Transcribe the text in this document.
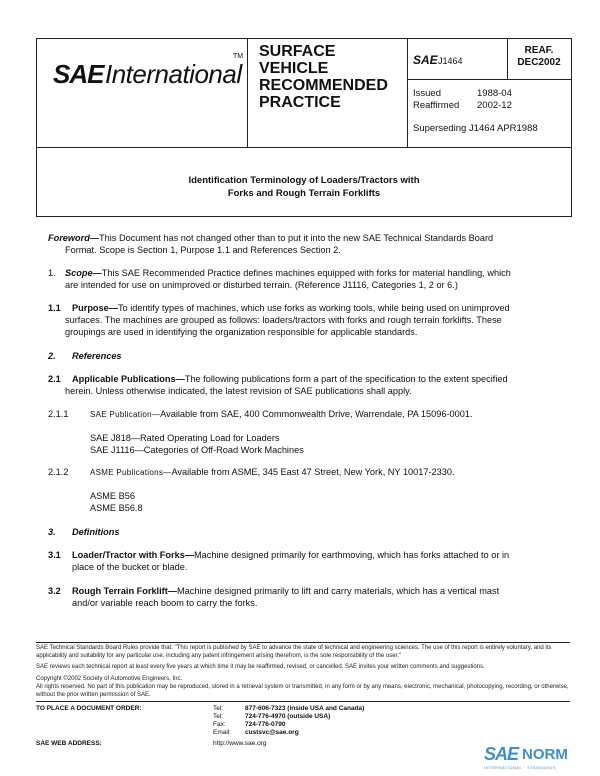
SAE International
TM SURFACE
VEHICLE
RECOMMENDED
PRACTICE
SAE J1464
REAF.
DEC2002
Issued	1988-04
Reaffirmed 2002-12
Superseding J1464 APR1988
Identification Terminology of Loaders/Tractors with
Forks and Rough Terrain Forklifts
Foreword—This Document has not changed other than to put it into the new SAE Technical Standards Board
Format. Scope is Section 1, Purpose 1.1 and References Section 2.
1. Scope—This SAE Recommended Practice defines machines equipped with forks for material handling, which
are intended for use on unimproved or disturbed terrain. (Reference J1116, Categories 1, 2 or 6.)
1.1 Purpose—To identify types of machines, which use forks as working tools, while being used on unimproved
surfaces. The machines are grouped as follows: loaders/tractors with forks and rough terrain forklifts. These
groupings are used in identifying the organization responsible for applicable standards.
2. References
2.1 Applicable Publications—The following publications form a part of the specification to the extent specified
herein. Unless otherwise indicated, the latest revision of SAE publications shall apply.
2.1.1	SAE Publication—Available from SAE, 400 Commonwealth Drive, Warrendale, PA 15096-0001.
SAE J818—Rated Operating Load for Loaders
SAE J1116—Categories of Off-Road Work Machines
2.1.2	ASME Publications—Available from ASME, 345 East 47 Street, New York, NY 10017-2330.
ASME B56
ASME B56.8
3. Definitions
3.1 Loader/Tractor with Forks—Machine designed primarily for earthmoving, which has forks attached to or in
place of the bucket or blade.
3.2 Rough Terrain Forklift—Machine designed primarily to lift and carry materials, which has a vertical mast
and/or variable reach boom to carry the forks.
SAE Technical Standards Board Rules provide that: "This report is published by SAE to advance the state of technical and engineering sciences. The use of this report is entirely voluntary, and its applicability and suitability for any particular use, including any patent infringement arising therefrom, is the sole responsibility of the user."
SAE reviews each technical report at least every five years at which time it may be reaffirmed, revised, or cancelled. SAE invites your written comments and suggestions.
Copyright ©2002 Society of Automotive Engineers, Inc.
All rights reserved. No part of this publication may be reproduced, stored in a retrieval system or transmitted, in any form or by any means, electronic, mechanical, photocopying, recording, or otherwise, without the prior written permission of SAE.
TO PLACE A DOCUMENT ORDER:	Tel:	877-606-7323 (inside USA and Canada)
Tel:	724-776-4970 (outside USA)
Fax:	724-776-0790
Email: custsvc@sae.org
SAE WEB ADDRESS:	http://www.sae.org
SAE NORM
INTERNATIONAL · STANDARDS
